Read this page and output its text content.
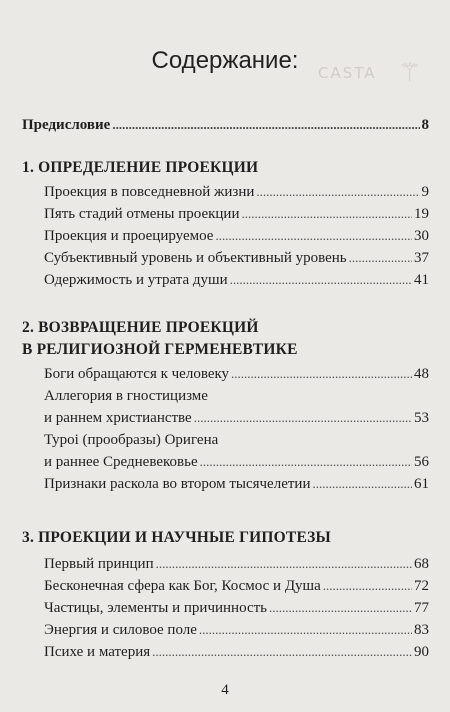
CASTA ⚚
Содержание:
Предисловие .....	8
1. ОПРЕДЕЛЕНИЕ ПРОЕКЦИИ
Проекция в повседневной жизни .....	9
Пять стадий отмены проекции .....	19
Проекция и проецируемое .....	30
Субъективный уровень и объективный уровень .....	37
Одержимость и утрата души .....	41
2. ВОЗВРАЩЕНИЕ ПРОЕКЦИЙ
В РЕЛИГИОЗНОЙ ГЕРМЕНЕВТИКЕ
Боги обращаются к человеку .....	48
Аллегория в гностицизме
и раннем христианстве .....	53
Typoi (прообразы) Оригена
и раннее Средневековье .....	56
Признаки раскола во втором тысячелетии .....	61
3. ПРОЕКЦИИ И НАУЧНЫЕ ГИПОТЕЗЫ
Первый принцип .....	68
Бесконечная сфера как Бог, Космос и Душа .....	72
Частицы, элементы и причинность .....	77
Энергия и силовое поле .....	83
Психе и материя .....	90
4
